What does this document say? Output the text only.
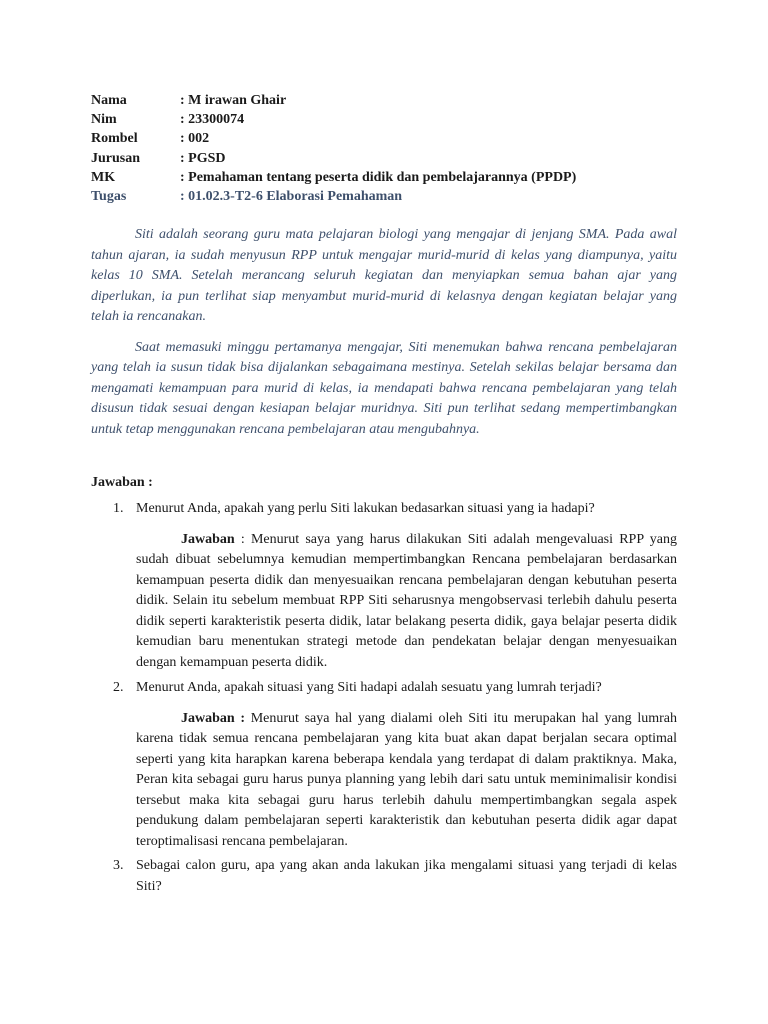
Nama	: M irawan Ghair
Nim	: 23300074
Rombel	: 002
Jurusan	: PGSD
MK	: Pemahaman tentang peserta didik dan pembelajarannya (PPDP)
Tugas	: 01.02.3-T2-6 Elaborasi Pemahaman

Siti adalah seorang guru mata pelajaran biologi yang mengajar di jenjang SMA. Pada awal tahun ajaran, ia sudah menyusun RPP untuk mengajar murid-murid di kelas yang diampunya, yaitu kelas 10 SMA. Setelah merancang seluruh kegiatan dan menyiapkan semua bahan ajar yang diperlukan, ia pun terlihat siap menyambut murid-murid di kelasnya dengan kegiatan belajar yang telah ia rencanakan.

Saat memasuki minggu pertamanya mengajar, Siti menemukan bahwa rencana pembelajaran yang telah ia susun tidak bisa dijalankan sebagaimana mestinya. Setelah sekilas belajar bersama dan mengamati kemampuan para murid di kelas, ia mendapati bahwa rencana pembelajaran yang telah disusun tidak sesuai dengan kesiapan belajar muridnya. Siti pun terlihat sedang mempertimbangkan untuk tetap menggunakan rencana pembelajaran atau mengubahnya.

Jawaban :
1. Menurut Anda, apakah yang perlu Siti lakukan bedasarkan situasi yang ia hadapi?
Jawaban : Menurut saya yang harus dilakukan Siti adalah mengevaluasi RPP yang sudah dibuat sebelumnya kemudian mempertimbangkan Rencana pembelajaran berdasarkan kemampuan peserta didik dan menyesuaikan rencana pembelajaran dengan kebutuhan peserta didik. Selain itu sebelum membuat RPP Siti seharusnya mengobservasi terlebih dahulu peserta didik seperti karakteristik peserta didik, latar belakang peserta didik, gaya belajar peserta didik kemudian baru menentukan strategi metode dan pendekatan belajar dengan menyesuaikan dengan kemampuan peserta didik.
2. Menurut Anda, apakah situasi yang Siti hadapi adalah sesuatu yang lumrah terjadi?
Jawaban : Menurut saya hal yang dialami oleh Siti itu merupakan hal yang lumrah karena tidak semua rencana pembelajaran yang kita buat akan dapat berjalan secara optimal seperti yang kita harapkan karena beberapa kendala yang terdapat di dalam praktiknya. Maka, Peran kita sebagai guru harus punya planning yang lebih dari satu untuk meminimalisir kondisi tersebut maka kita sebagai guru harus terlebih dahulu mempertimbangkan segala aspek pendukung dalam pembelajaran seperti karakteristik dan kebutuhan peserta didik agar dapat teroptimalisasi rencana pembelajaran.
3. Sebagai calon guru, apa yang akan anda lakukan jika mengalami situasi yang terjadi di kelas Siti?
